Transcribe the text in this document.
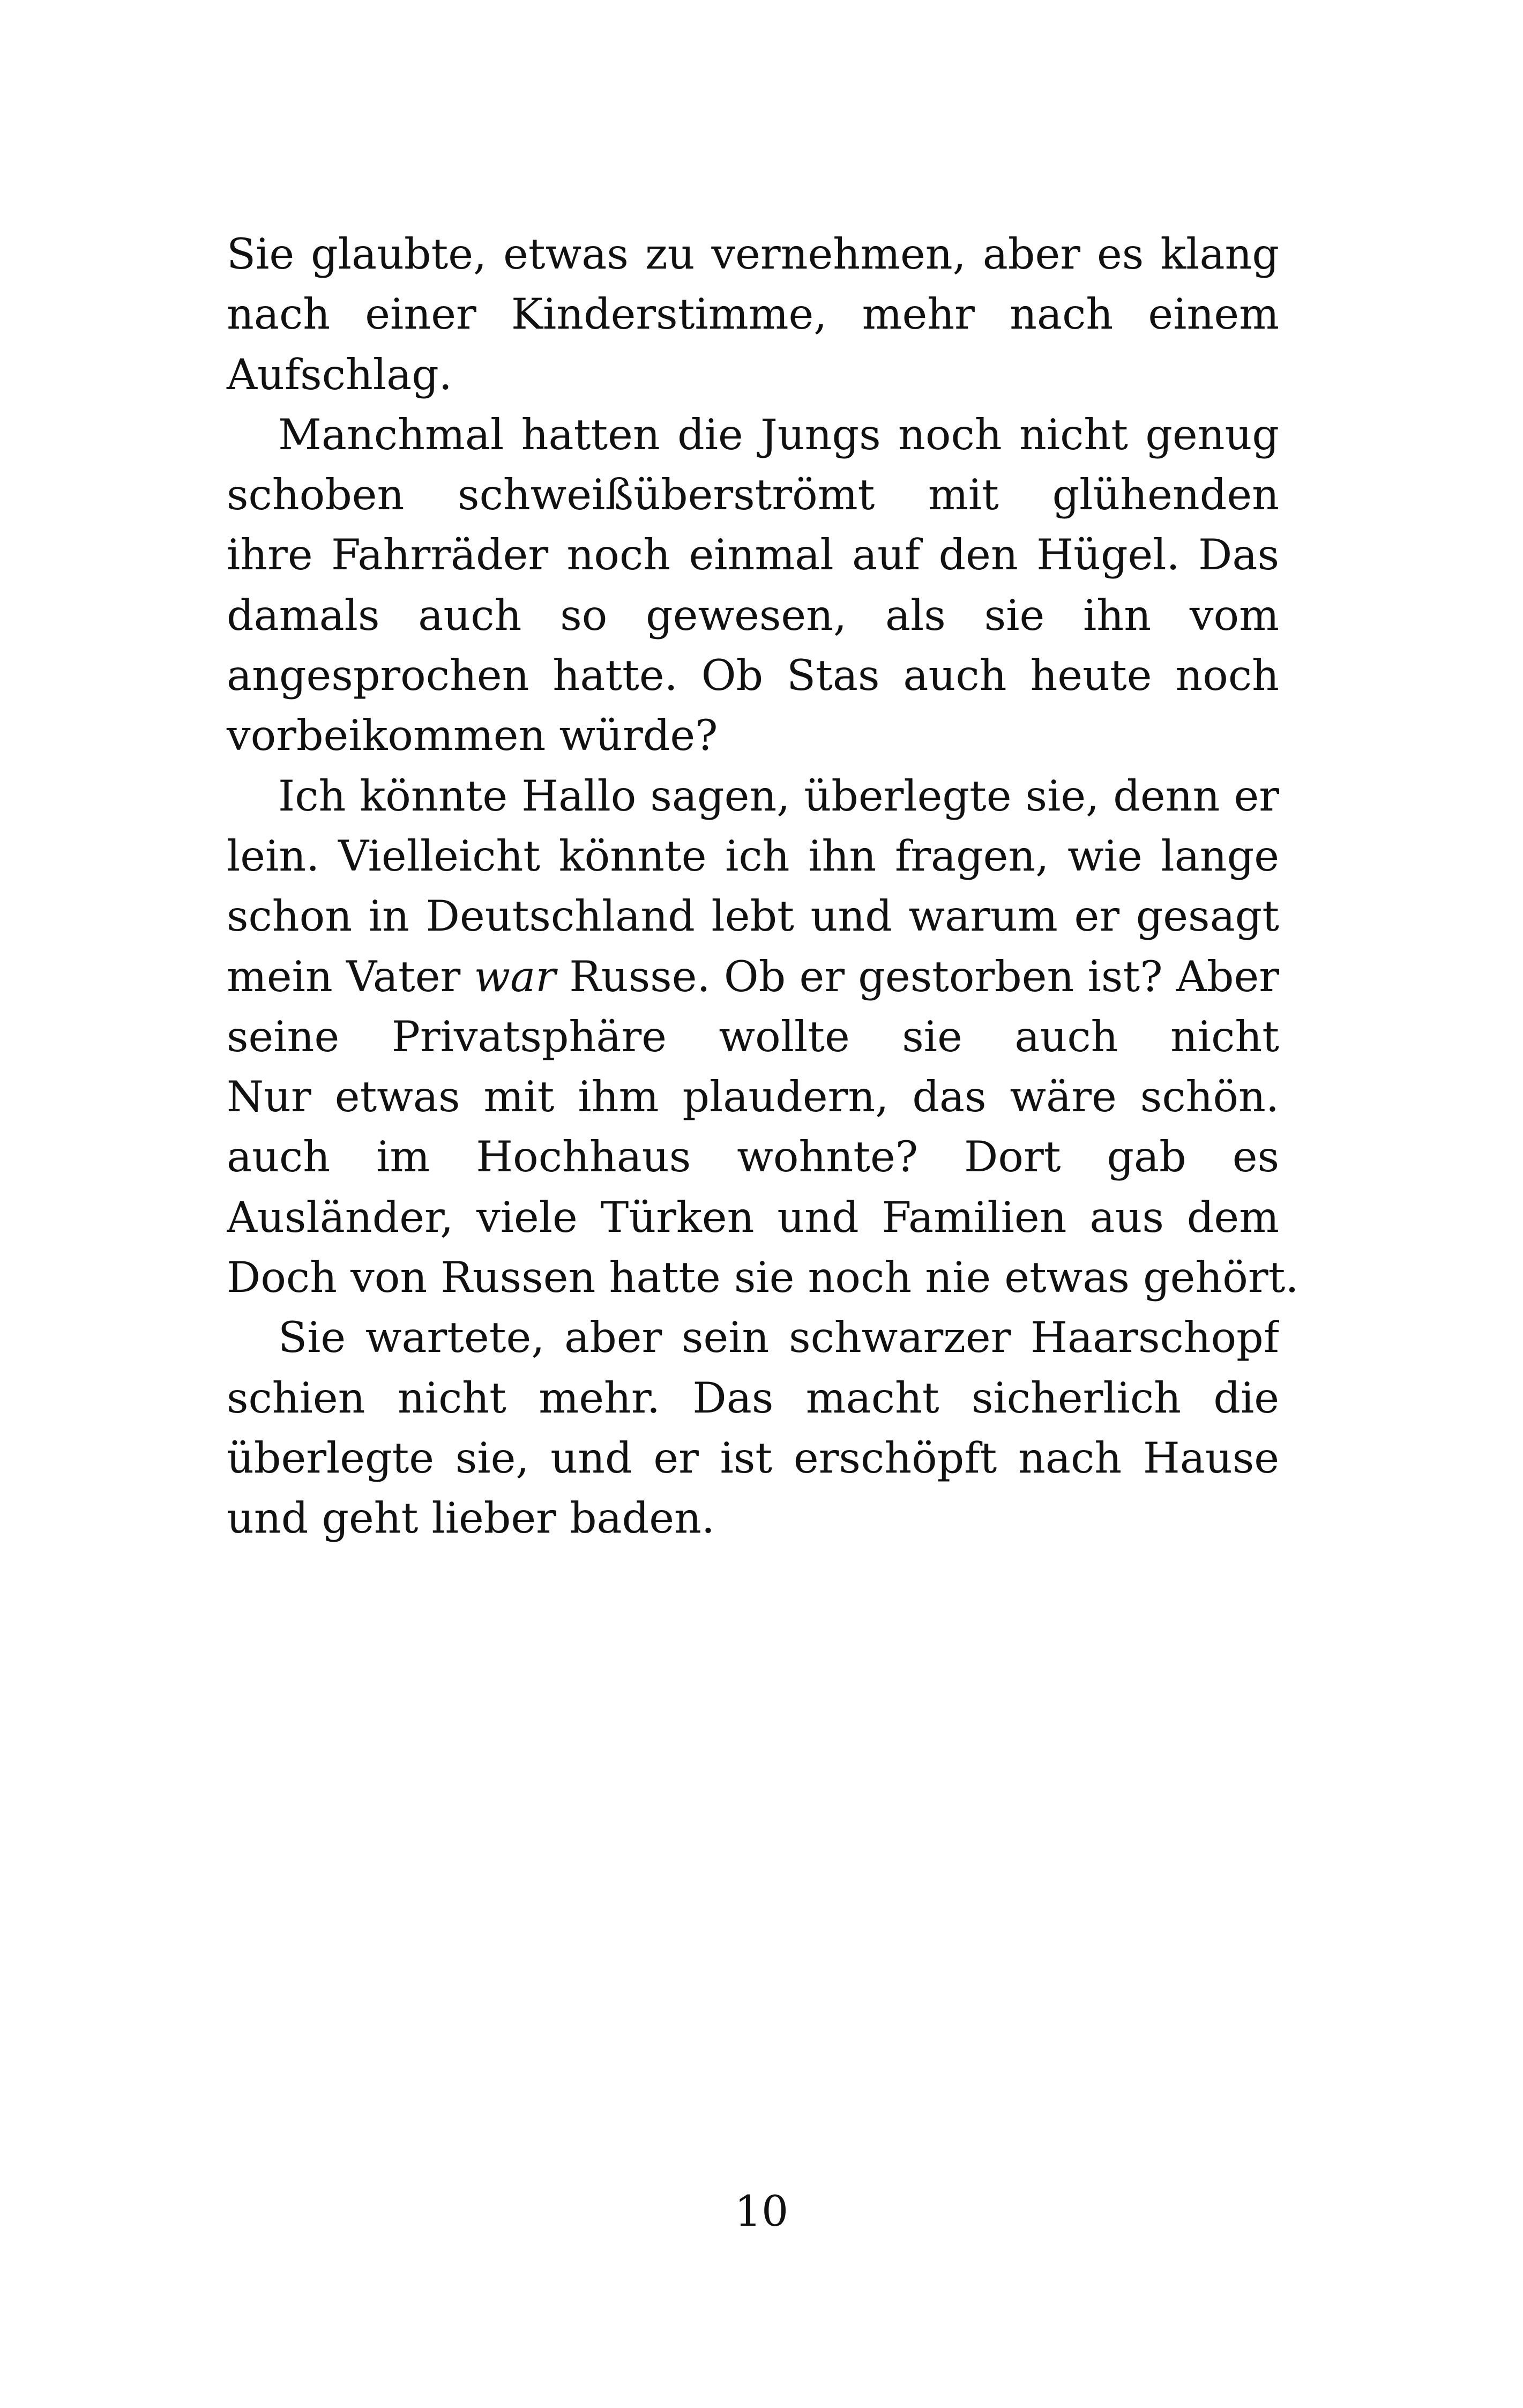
Sie glaubte, etwas zu vernehmen, aber es klang
nach einer Kinderstimme, mehr nach einem
Aufschlag.
Manchmal hatten die Jungs noch nicht genug
schoben schweißüberströmt mit glühenden
ihre Fahrräder noch einmal auf den Hügel. Das
damals auch so gewesen, als sie ihn vom
angesprochen hatte. Ob Stas auch heute noch
vorbeikommen würde?
Ich könnte Hallo sagen, überlegte sie, denn er
lein. Vielleicht könnte ich ihn fragen, wie lange
schon in Deutschland lebt und warum er gesagt
mein Vater war Russe. Ob er gestorben ist? Aber
seine Privatsphäre wollte sie auch nicht
Nur etwas mit ihm plaudern, das wäre schön.
auch im Hochhaus wohnte? Dort gab es
Ausländer, viele Türken und Familien aus dem
Doch von Russen hatte sie noch nie etwas gehört.
Sie wartete, aber sein schwarzer Haarschopf
schien nicht mehr. Das macht sicherlich die
überlegte sie, und er ist erschöpft nach Hause
und geht lieber baden.
10
